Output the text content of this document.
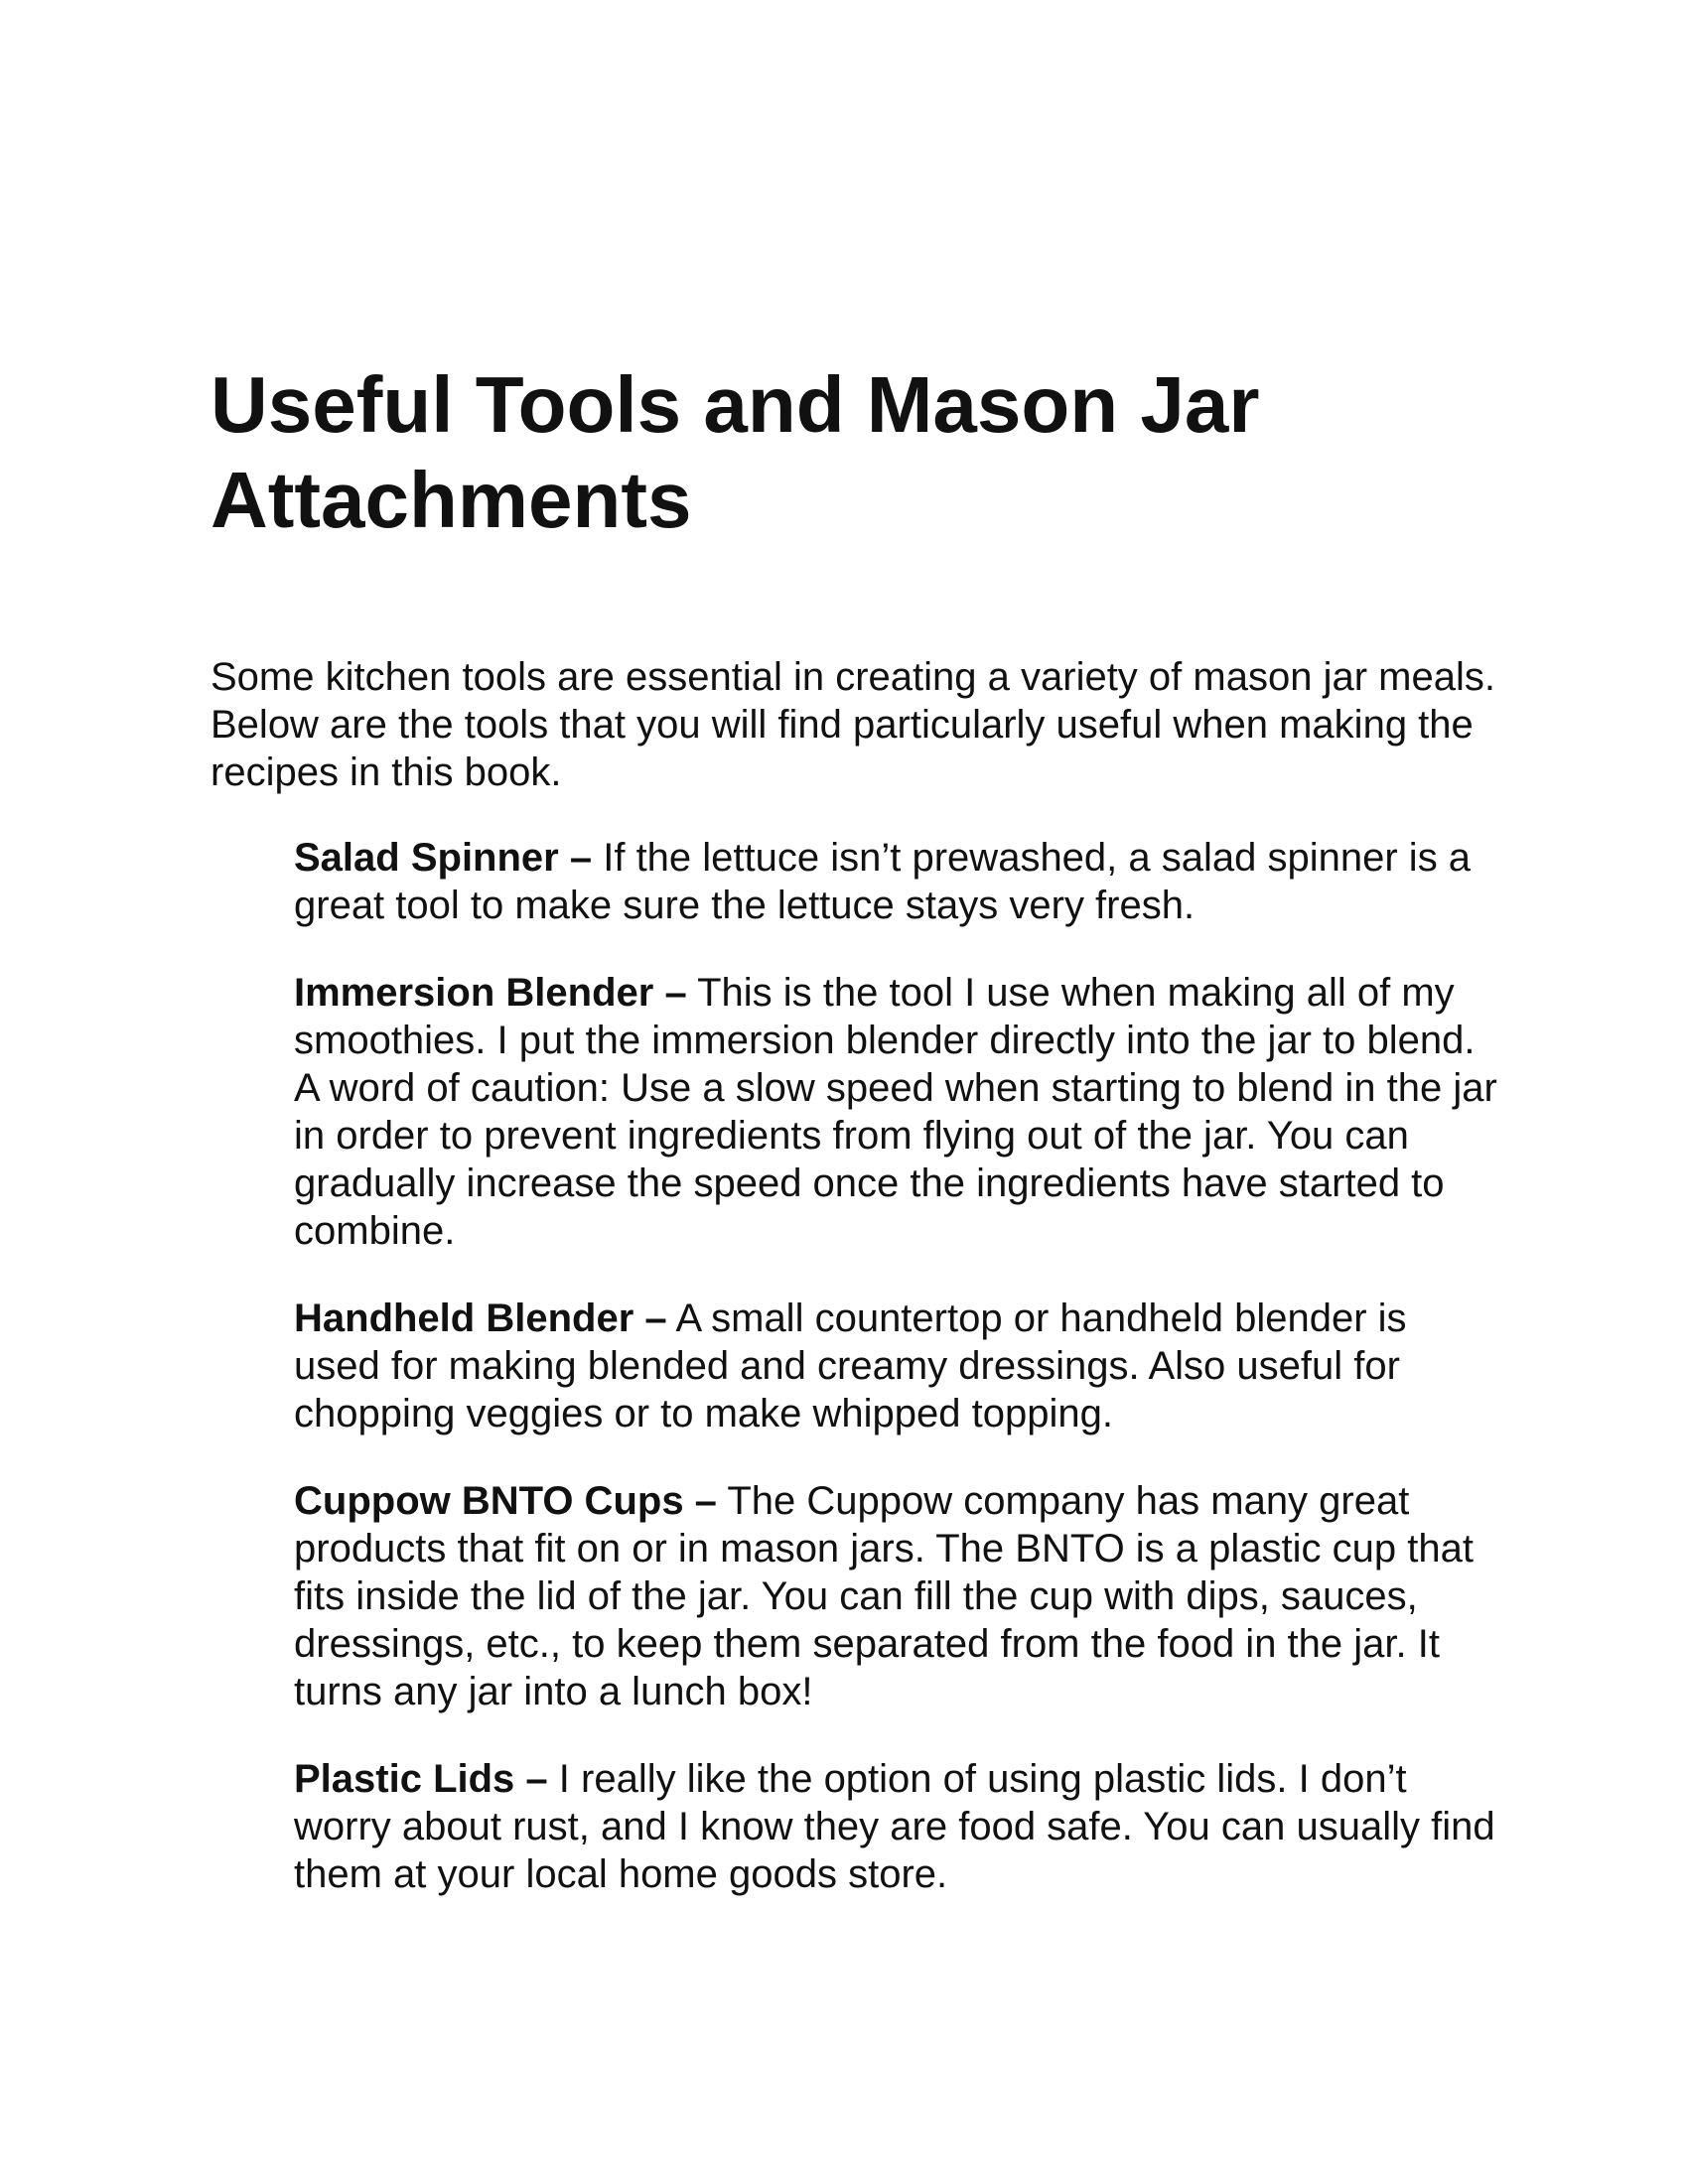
Useful Tools and Mason Jar Attachments

Some kitchen tools are essential in creating a variety of mason jar meals. Below are the tools that you will find particularly useful when making the recipes in this book.

Salad Spinner – If the lettuce isn’t prewashed, a salad spinner is a great tool to make sure the lettuce stays very fresh.
Immersion Blender – This is the tool I use when making all of my smoothies. I put the immersion blender directly into the jar to blend. A word of caution: Use a slow speed when starting to blend in the jar in order to prevent ingredients from flying out of the jar. You can gradually increase the speed once the ingredients have started to combine.
Handheld Blender – A small countertop or handheld blender is used for making blended and creamy dressings. Also useful for chopping veggies or to make whipped topping.
Cuppow BNTO Cups – The Cuppow company has many great products that fit on or in mason jars. The BNTO is a plastic cup that fits inside the lid of the jar. You can fill the cup with dips, sauces, dressings, etc., to keep them separated from the food in the jar. It turns any jar into a lunch box!
Plastic Lids – I really like the option of using plastic lids. I don’t worry about rust, and I know they are food safe. You can usually find them at your local home goods store.
